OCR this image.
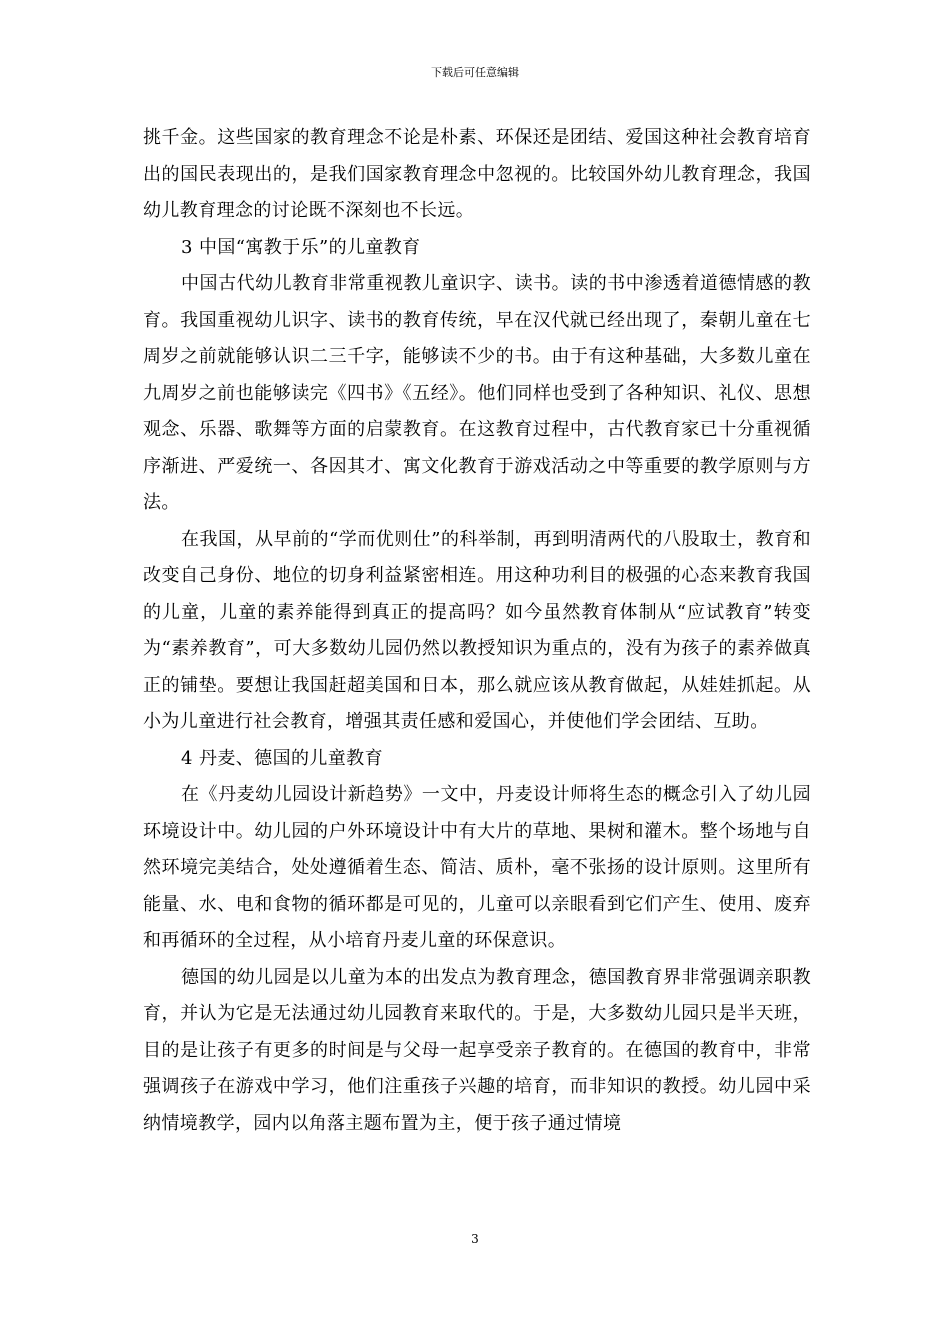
下载后可任意编辑

挑千金。这些国家的教育理念不论是朴素、环保还是团结、爱国这种社会教育培育出的国民表现出的，是我们国家教育理念中忽视的。比较国外幼儿教育理念，我国幼儿教育理念的讨论既不深刻也不长远。

3 中国“寓教于乐”的儿童教育

中国古代幼儿教育非常重视教儿童识字、读书。读的书中渗透着道德情感的教育。我国重视幼儿识字、读书的教育传统，早在汉代就已经出现了，秦朝儿童在七周岁之前就能够认识二三千字，能够读不少的书。由于有这种基础，大多数儿童在九周岁之前也能够读完《四书》《五经》。他们同样也受到了各种知识、礼仪、思想观念、乐器、歌舞等方面的启蒙教育。在这教育过程中，古代教育家已十分重视循序渐进、严爱统一、各因其才、寓文化教育于游戏活动之中等重要的教学原则与方法。

在我国，从早前的“学而优则仕”的科举制，再到明清两代的八股取士，教育和改变自己身份、地位的切身利益紧密相连。用这种功利目的极强的心态来教育我国的儿童，儿童的素养能得到真正的提高吗？如今虽然教育体制从“应试教育”转变为“素养教育”，可大多数幼儿园仍然以教授知识为重点的，没有为孩子的素养做真正的铺垫。要想让我国赶超美国和日本，那么就应该从教育做起，从娃娃抓起。从小为儿童进行社会教育，增强其责任感和爱国心，并使他们学会团结、互助。

4 丹麦、德国的儿童教育

在《丹麦幼儿园设计新趋势》一文中，丹麦设计师将生态的概念引入了幼儿园环境设计中。幼儿园的户外环境设计中有大片的草地、果树和灌木。整个场地与自然环境完美结合，处处遵循着生态、简洁、质朴，毫不张扬的设计原则。这里所有能量、水、电和食物的循环都是可见的，儿童可以亲眼看到它们产生、使用、废弃和再循环的全过程，从小培育丹麦儿童的环保意识。

德国的幼儿园是以儿童为本的出发点为教育理念，德国教育界非常强调亲职教育，并认为它是无法通过幼儿园教育来取代的。于是，大多数幼儿园只是半天班，目的是让孩子有更多的时间是与父母一起享受亲子教育的。在德国的教育中，非常强调孩子在游戏中学习，他们注重孩子兴趣的培育，而非知识的教授。幼儿园中采纳情境教学，园内以角落主题布置为主，便于孩子通过情境

3
